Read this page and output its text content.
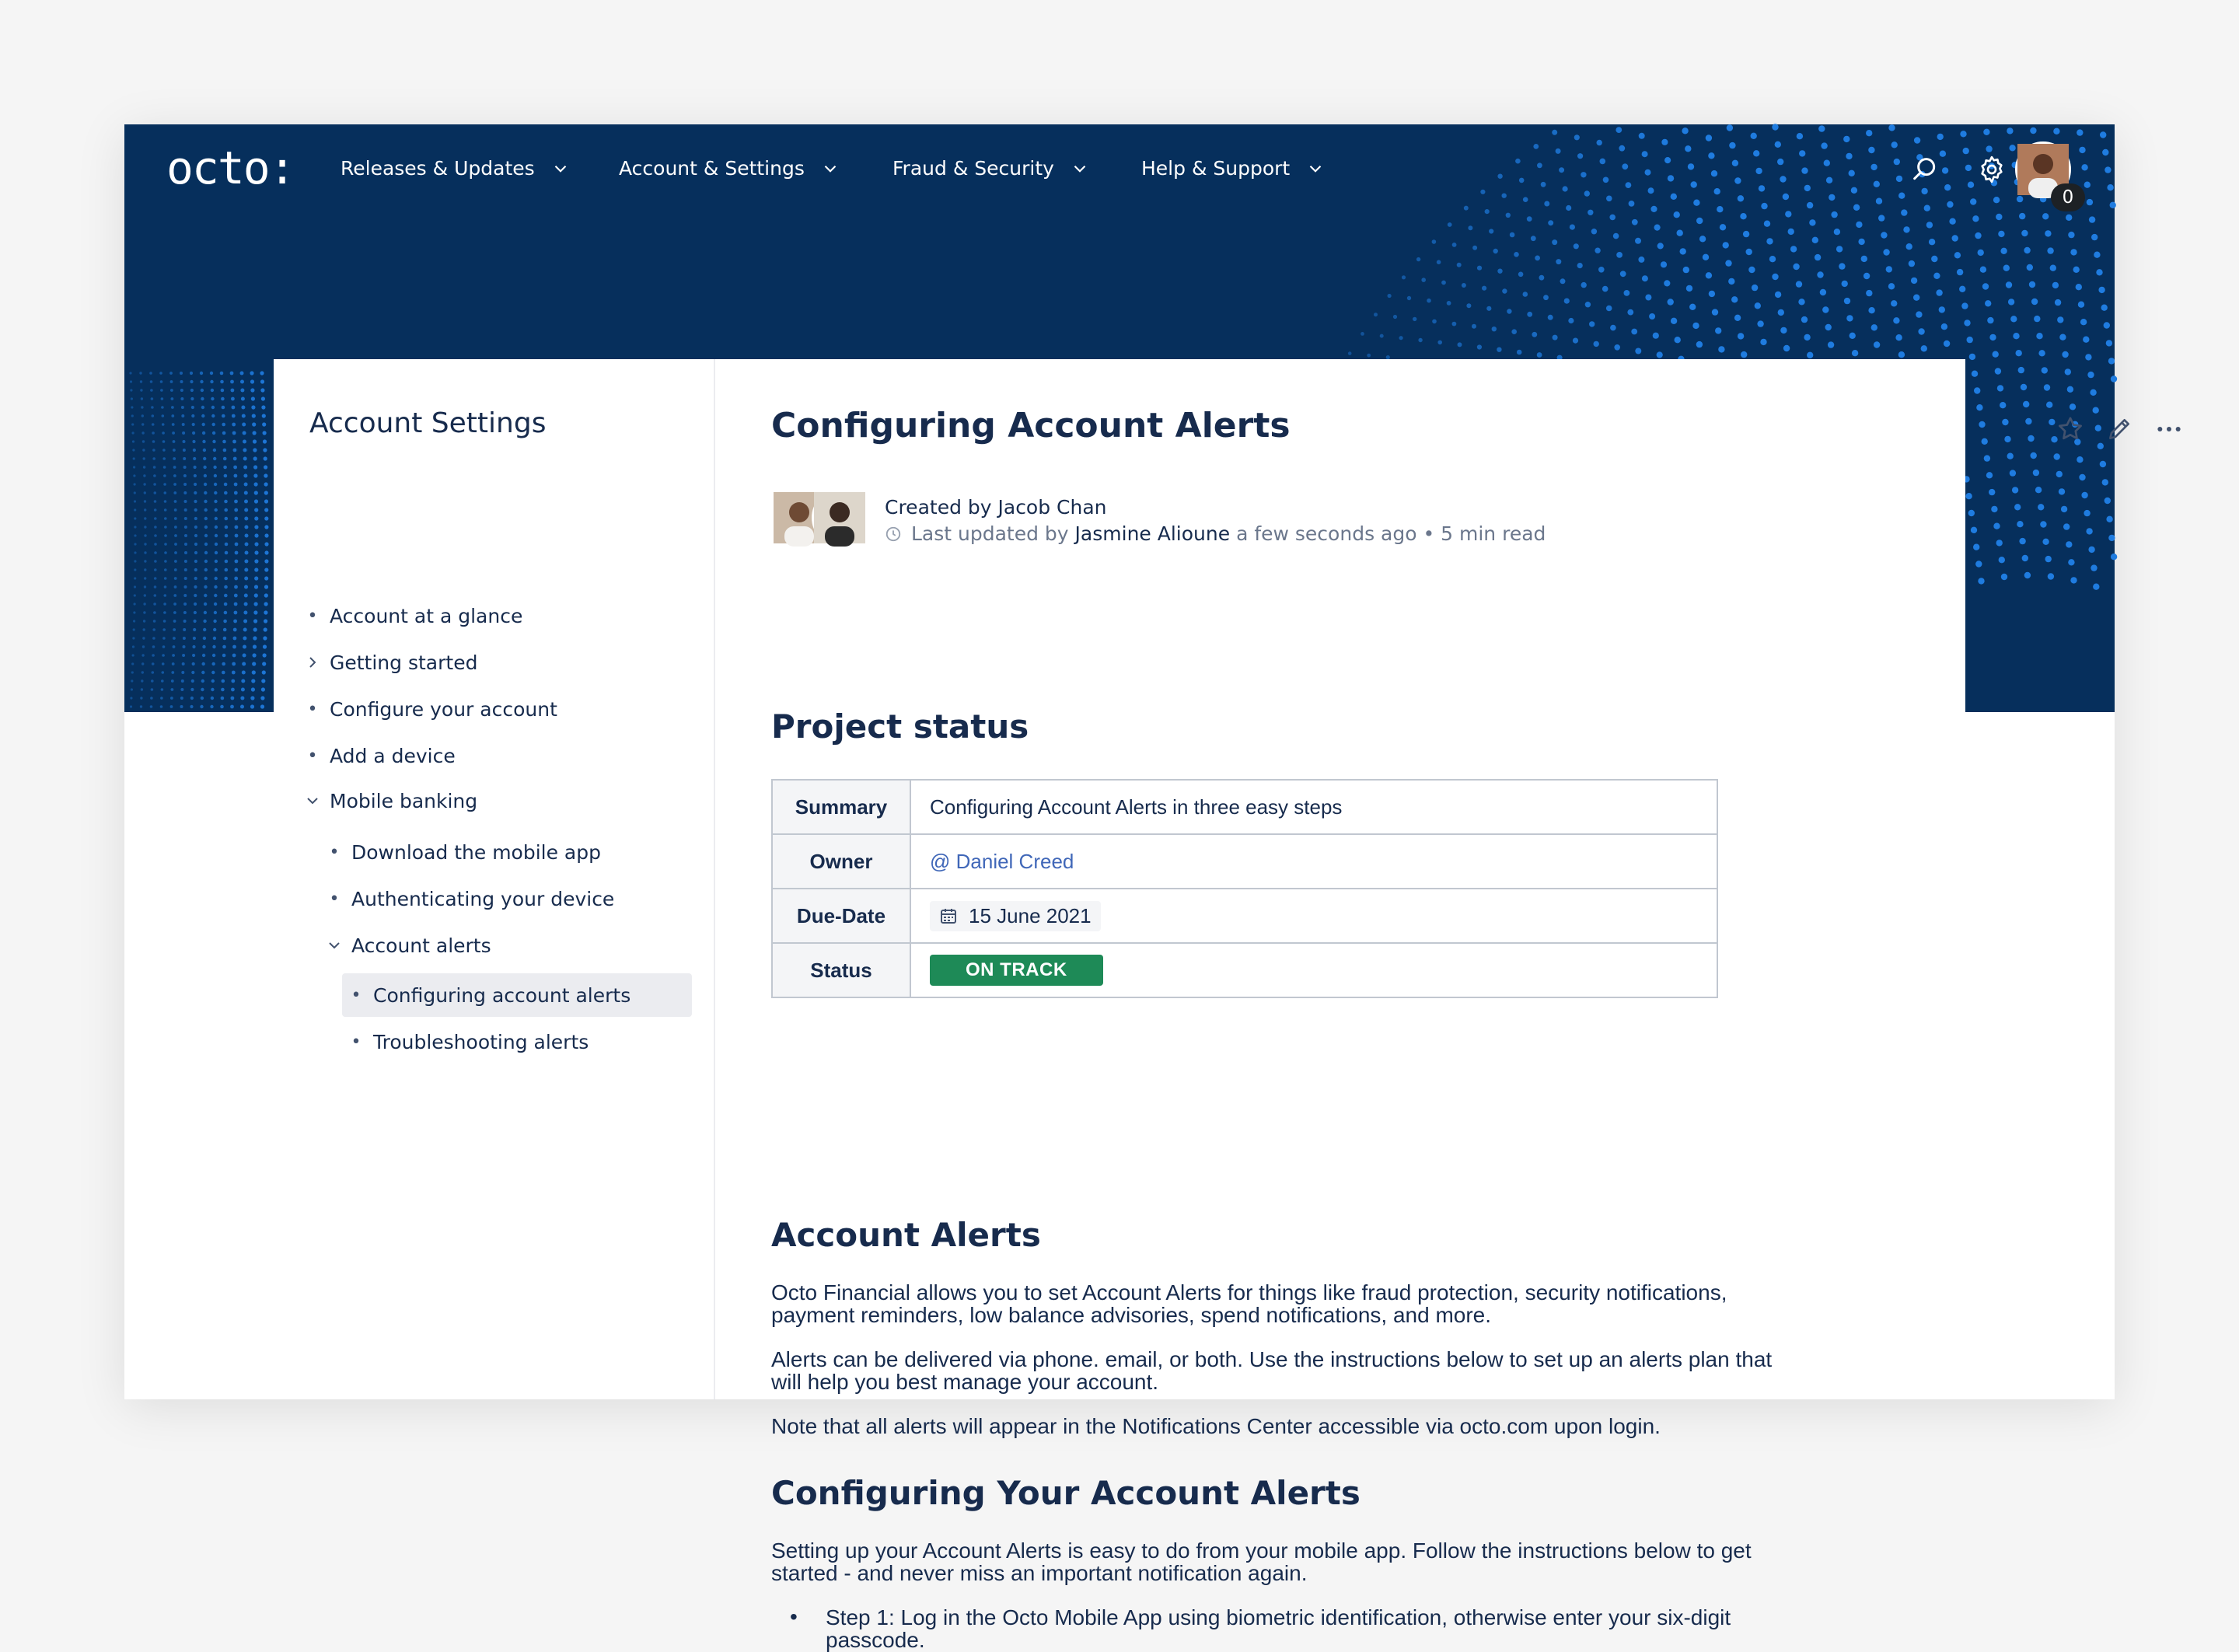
octo: Releases & Updates	Account & Settings	Fraud & Security	Help & Support
0
Account Settings
• Account at a glance
Getting started
• Configure your account
• Add a device
Mobile banking
• Download the mobile app
• Authenticating your device
Account alerts
• Configuring account alerts
• Troubleshooting alerts
Configuring Account Alerts
Created by Jacob Chan
Last updated by
Jasmine Alioune
a few seconds ago • 5 min read
Project status
Summary	Configuring Account Alerts in three easy steps
Owner	@ Daniel Creed
Due-Date	15 June 2021

Status	ON TRACK
Account Alerts

Octo Financial allows you to set Account Alerts for things like fraud protection, security notifications, payment reminders, low balance advisories, spend notifications, and more.

Alerts can be delivered via phone. email, or both. Use the instructions below to set up an alerts plan that will help you best manage your account.

Note that all alerts will appear in the Notifications Center accessible via octo.com upon login.

Configuring Your Account Alerts

Setting up your Account Alerts is easy to do from your mobile app. Follow the instructions below to get started - and never miss an important notification again.

• Step 1: Log in the Octo Mobile App using biometric identification, otherwise enter your six-digit passcode.
